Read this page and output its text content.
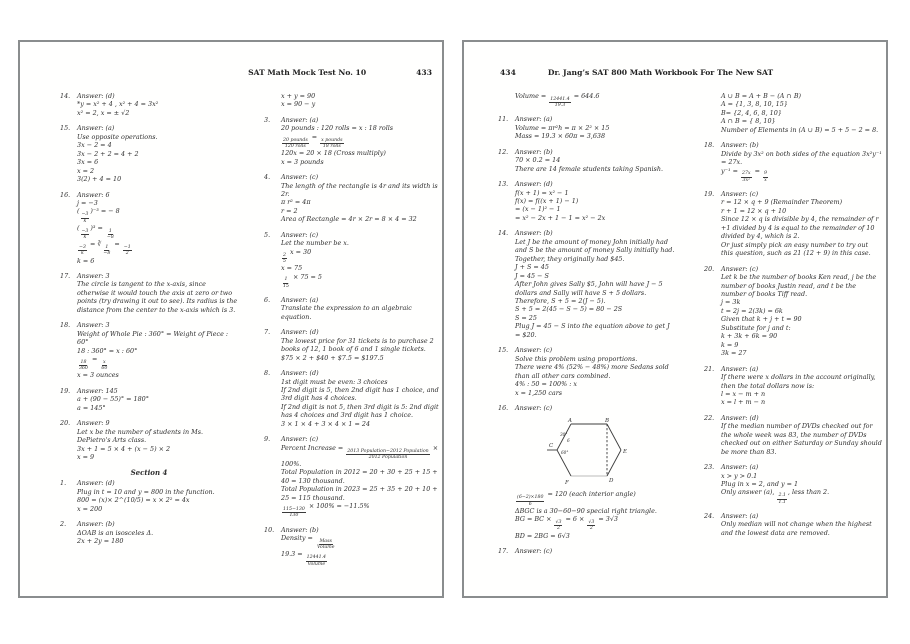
SAT Math Mock Test No. 10	433
14.	Answer: (d)
*y = x² + 4 , x² + 4 = 3x²
x² = 2, x = ± √2
15.	Answer: (a)
Use opposite operations.
3x − 2 = 4
3x − 2 + 2 = 4 + 2
3x = 6
x = 2
3(2) + 4 = 10
16.	Answer: 6
j = −3
(
$\frac{-3}{k}$
)⁻³ = − 8
(
$\frac{-3}{k}$
)³ =
$\frac{1}{-8}$
$\frac{-3}{k}$
= ∛
$\frac{1}{-8}$
=
$\frac{-1}{2}$
k = 6
17.	Answer: 3
The circle is tangent to the x-axis, since otherwise it would touch the axis at zero or two points (try drawing it out to see). Its radius is the distance from the center to the x-axis which is 3.
18.	Answer: 3
Weight of Whole Pie : 360° = Weight of Piece : 60°
18 : 360° = x : 60°
$\frac{18}{360}$
=
$\frac{x}{60}$
x = 3 ounces
19.	Answer: 145
a + (90 − 55)° = 180°
a = 145°
20.	Answer: 9
Let x be the number of students in Ms. DePietro's Arts class.
3x + 1 = 5 × 4 + (x − 5) × 2
x = 9
Section 4
1.	Answer: (d)
Plug in t = 10 and y = 800 in the function.
800 = (x)× 2^(10/5) = x × 2² = 4x
x = 200
2.	Answer: (b)
ΔOAB is an isosceles Δ.
2x + 2y = 180
x + y = 90
x = 90 − y
3.	Answer: (a)
20 pounds : 120 rolls = x : 18 rolls
$\frac{\text{20 pounds}}{\text{120 rolls}}$
=
$\frac{\text{x pounds}}{\text{18 rolls}}$
120x = 20 × 18 (Cross multiply)
x = 3 pounds
4.	Answer: (c)
The length of the rectangle is 4r and its width is 2r.
π r² = 4π
r = 2
Area of Rectangle = 4r × 2r = 8 × 4 = 32
5.	Answer: (c)
Let the number be x.
$\frac{2}{5}$
x = 30
x = 75
$\frac{1}{15}$
× 75 = 5
6.	Answer: (a)
Translate the expression to an algebraic equation.
7.	Answer: (d)
The lowest price for 31 tickets is to purchase 2 books of 12, 1 book of 6 and 1 single tickets.
$75 × 2 + $40 + $7.5 = $197.5
8.	Answer: (d)
1st digit must be even: 3 choices
If 2nd digit is 5, then 2nd digit has 1 choice, and 3rd digit has 4 choices.
If 2nd digit is not 5, then 3rd digit is 5: 2nd digit has 4 choices and 3rd digit has 1 choice.
3 × 1 × 4 + 3 × 4 × 1 = 24
9.	Answer: (c)
Percent Increase =
$\frac{\text{2013 Population−2012 Population}}{\text{2012 Population}}$
× 100%.
Total Population in 2012 = 20 + 30 + 25 + 15 + 40 = 130 thousand.
Total Population in 2023 = 25 + 35 + 20 + 10 + 25 = 115 thousand.
$\frac{115-130}{130}$
× 100% = −11.5%
10.	Answer: (b)
Density =
$\frac{\text{Mass}}{\text{Volume}}$
19.3 =
$\frac{12441.4}{\text{Volume}}$
434	Dr. Jang’s SAT 800 Math Workbook For The New SAT
Volume =
$\frac{12441.4}{19.3}$
= 644.6
11.	Answer: (a)
Volume = πr²h = π × 2² × 15
Mass = 19.3 × 60π = 3,638
12.	Answer: (b)
70 × 0.2 = 14
There are 14 female students taking Spanish.
13.	Answer: (d)
f(x + 1) = x² − 1
f(x) = f((x + 1) − 1)
= (x − 1)² − 1
= x² − 2x + 1 − 1 = x² − 2x
14.	Answer: (b)
Let J be the amount of money John initially had and S be the amount of money Sally initially had. Together, they originally had $45.
J + S = 45
J = 45 − S
After John gives Sally $5, John will have J − 5 dollars and Sally will have S + 5 dollars. Therefore, S + 5 = 2(J − 5).
S + 5 = 2(45 − S − 5) = 80 − 2S
S = 25
Plug J = 45 − S into the equation above to get J = $20.
15.	Answer: (c)
Solve this problem using proportions.
There were 4% (52% − 48%) more Sedans sold than all other cars combined.
4% : 50 = 100% : x
x = 1,250 cars
16.	Answer: (c)
A	B
C
D
E
F
30°
6
60°
$\frac{(6-2)\times 180}{6}$
= 120 (each interior angle)
ΔBGC is a 30−60−90 special right triangle.
BG = BC ×
$\frac{√3}{2}$
= 6 ×
$\frac{√3}{2}$
= 3√3
BD = 2BG = 6√3
17.	Answer: (c)
A ∪ B = A + B − (A ∩ B)
A = {1, 3, 8, 10, 15}
B= {2, 4, 6, 8, 10}
A ∩ B = { 8, 10}
Number of Elements in (A ∪ B) = 5 + 5 − 2 = 8.
18.	Answer: (b)
Divide by 3x² on both sides of the equation 3x²y⁻¹ = 27x.
y⁻¹ =
$\frac{27x}{\text{3x²}}$
=
$\frac{9}{x}$
19.	Answer: (c)
r = 12 × q + 9 (Remainder Theorem)
r + 1 = 12 × q + 10
Since 12 × q is divisible by 4, the remainder of r +1 divided by 4 is equal to the remainder of 10 divided by 4, which is 2.
Or just simply pick an easy number to try out this question, such as 21 (12 + 9) in this case.
20.	Answer: (c)
Let k be the number of books Ken read, j be the number of books Justin read, and t be the number of books Tiff read.
j = 3k
t = 2j = 2(3k) = 6k
Given that k + j + t = 90
Substitute for j and t:
k + 3k + 6k = 90
k = 9
3k = 27
21.	Answer: (a)
If there were x dollars in the account originally, then the total dollars now is:
l = x − m + n
x = l + m − n
22.	Answer: (d)
If the median number of DVDs checked out for the whole week was 83, the number of DVDs checked out on either Saturday or Sunday should be more than 83.
23.	Answer: (a)
x > y > 0.1
Plug in x = 2, and y = 1
Only answer (a),
$\frac{2.1}{1.1}$
, less than 2.
24.	Answer: (a)
Only median will not change when the highest and the lowest data are removed.
